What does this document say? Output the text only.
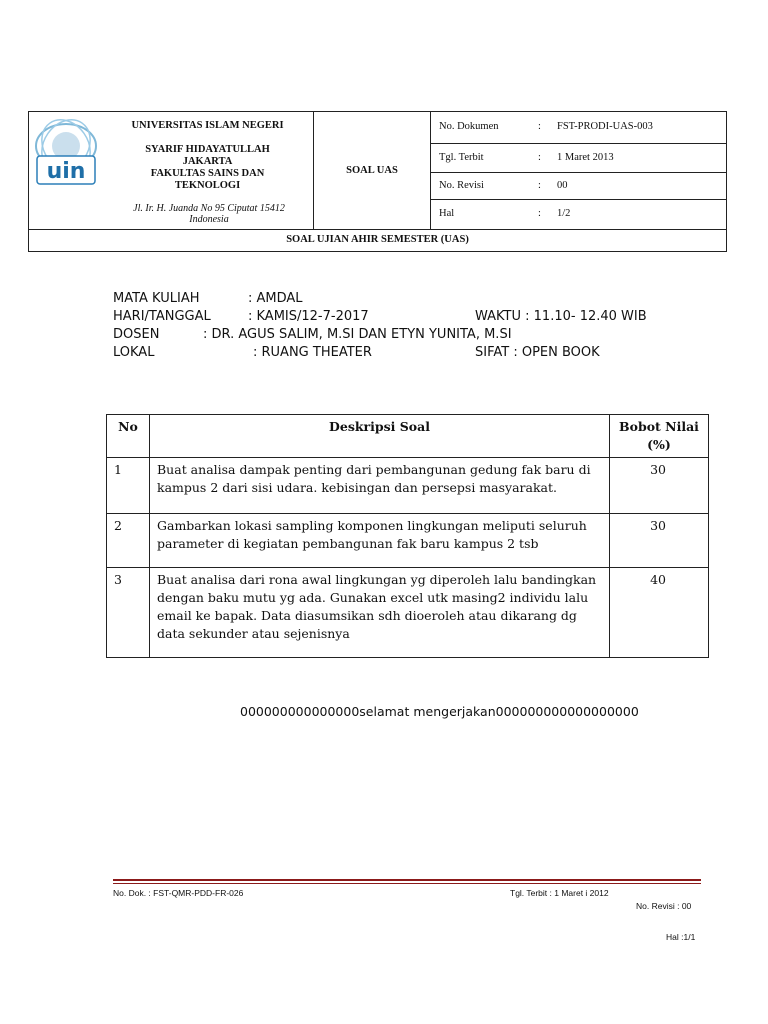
uin
UNIVERSITAS ISLAM NEGERI
SYARIF HIDAYATULLAH
JAKARTA
FAKULTAS SAINS DAN
TEKNOLOGI
Jl. Ir. H. Juanda No 95 Ciputat 15412
Indonesia
SOAL UAS
No. Dokumen	: FST-PRODI-UAS-003
Tgl. Terbit	: 1 Maret 2013
No. Revisi	: 00
Hal	: 1/2
SOAL UJIAN AHIR SEMESTER (UAS)
MATA KULIAH	: AMDAL
HARI/TANGGAL	: KAMIS/12-7-2017	WAKTU : 11.10- 12.40 WIB
DOSEN	: DR. AGUS SALIM, M.SI DAN ETYN YUNITA, M.SI
LOKAL	: RUANG THEATER	SIFAT : OPEN BOOK
No	Deskripsi Soal	Bobot Nilai
(%)

1	Buat analisa dampak penting dari pembangunan gedung fak baru di kampus 2 dari sisi udara. kebisingan dan persepsi masyarakat.	30
2	Gambarkan lokasi sampling komponen lingkungan meliputi seluruh parameter di kegiatan pembangunan fak baru kampus 2 tsb	30
3	Buat analisa dari rona awal lingkungan yg diperoleh lalu bandingkan dengan baku mutu yg ada. Gunakan excel utk masing2 individu lalu email ke bapak. Data diasumsikan sdh dioeroleh atau dikarang dg data sekunder atau sejenisnya	40
000000000000000selamat mengerjakan000000000000000000
No. Dok. : FST-QMR-PDD-FR-026	Tgl. Terbit : 1 Maret i 2012
No. Revisi : 00
Hal :1/1
